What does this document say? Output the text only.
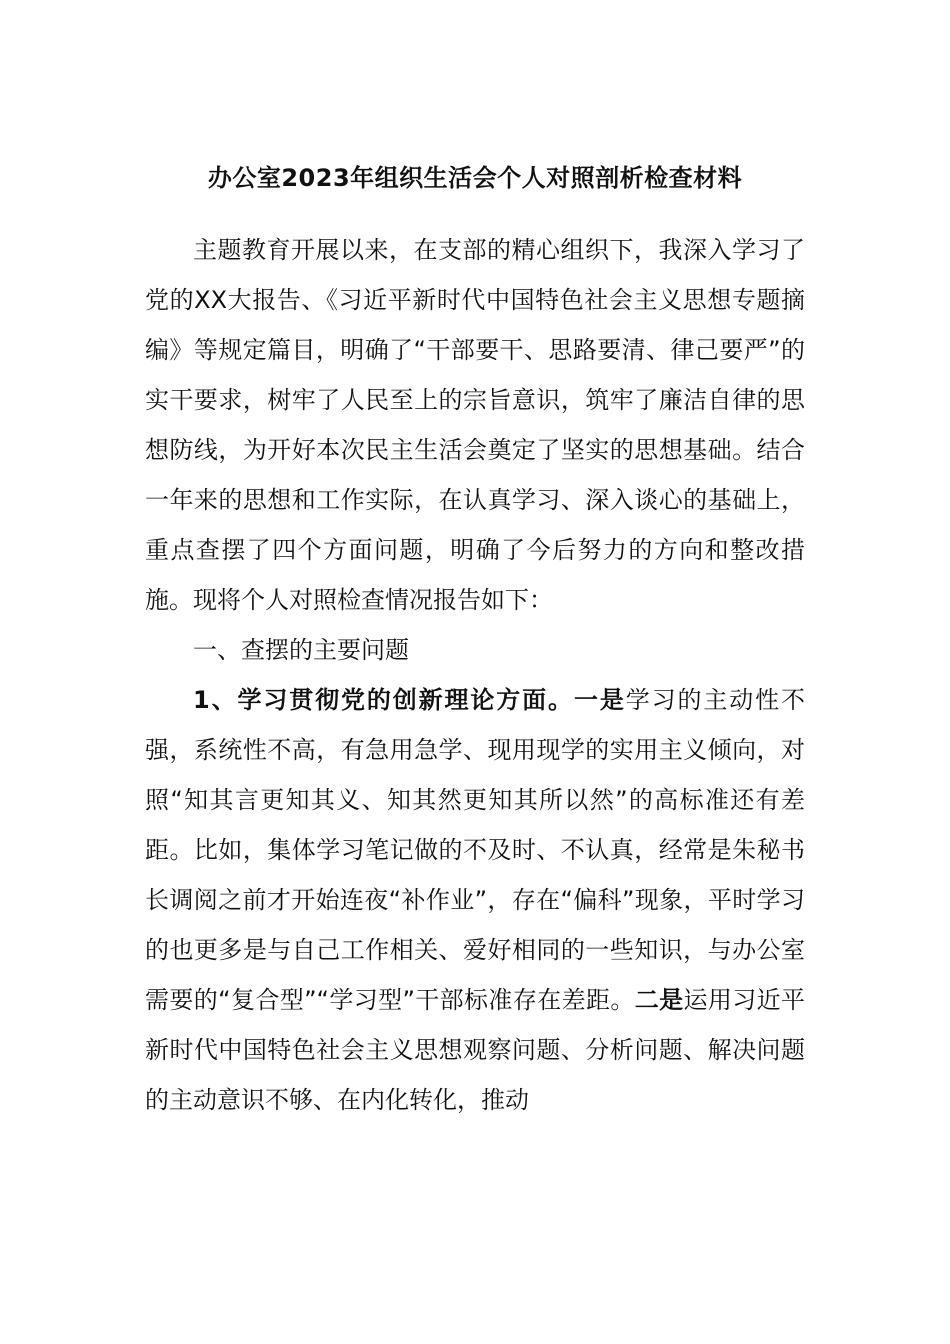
办公室2023年组织生活会个人对照剖析检查材料

主题教育开展以来，在支部的精心组织下，我深入学习了党的XX大报告、《习近平新时代中国特色社会主义思想专题摘编》等规定篇目，明确了“干部要干、思路要清、律己要严”的实干要求，树牢了人民至上的宗旨意识，筑牢了廉洁自律的思想防线，为开好本次民主生活会奠定了坚实的思想基础。结合一年来的思想和工作实际，在认真学习、深入谈心的基础上，重点查摆了四个方面问题，明确了今后努力的方向和整改措施。现将个人对照检查情况报告如下：

一、查摆的主要问题

1、学习贯彻党的创新理论方面。一是学习的主动性不强，系统性不高，有急用急学、现用现学的实用主义倾向，对照“知其言更知其义、知其然更知其所以然”的高标准还有差距。比如，集体学习笔记做的不及时、不认真，经常是朱秘书长调阅之前才开始连夜“补作业”，存在“偏科”现象，平时学习的也更多是与自己工作相关、爱好相同的一些知识，与办公室需要的“复合型”“学习型”干部标准存在差距。二是运用习近平新时代中国特色社会主义思想观察问题、分析问题、解决问题的主动意识不够、在内化转化，推动
